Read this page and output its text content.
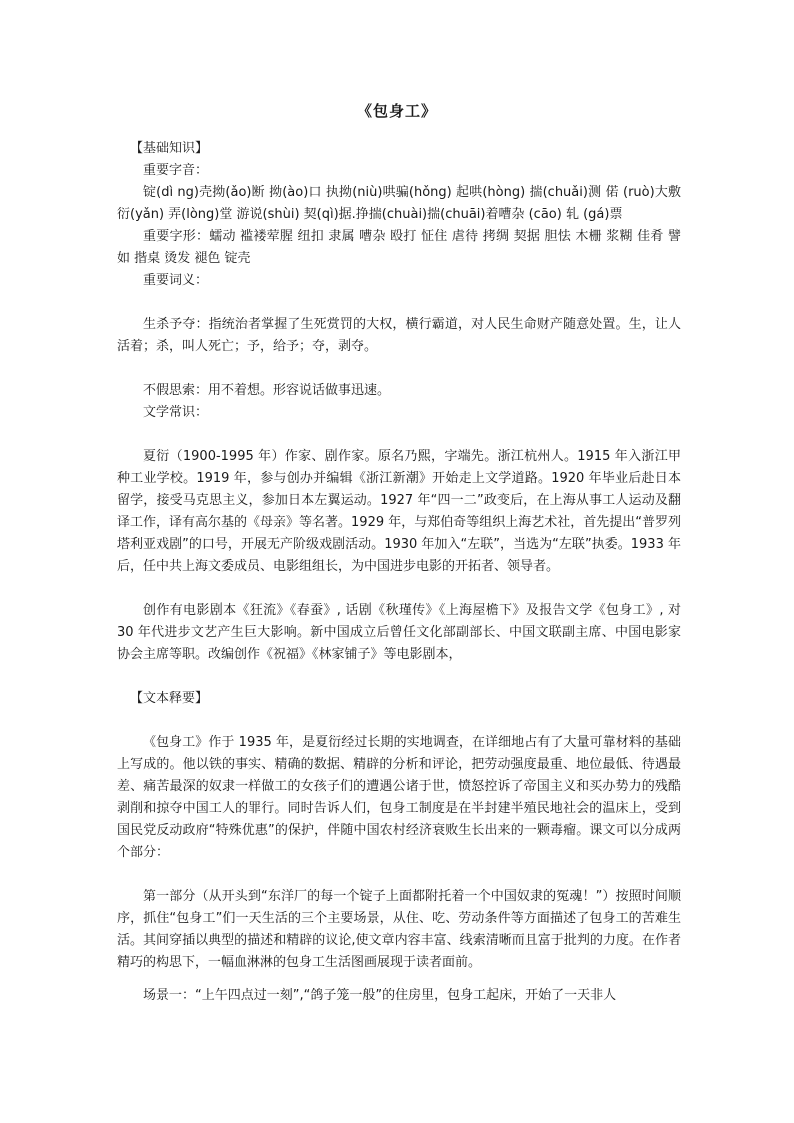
《包身工》

【基础知识】

重要字音：

锭(dì ng)壳拗(ǎo)断 拗(ào)口 执拗(niù)哄骗(hǒng) 起哄(hòng) 揣(chuǎi)测 偌 (ruò)大敷衍(yǎn) 弄(lòng)堂 游说(shùi) 契(qì)据.挣揣(chuài)揣(chuāi)着嘈杂 (cāo) 轧 (gá)票

重要字形：蠕动 褴褛荤腥 纽扣 隶属 嘈杂 殴打 怔住 虐待 拷绸 契据 胆怯 木栅 浆糊 佳肴 譬如 揩桌 烫发 褪色 锭壳

重要词义：

生杀予夺：指统治者掌握了生死赏罚的大权，横行霸道，对人民生命财产随意处置。生，让人活着；杀，叫人死亡；予，给予；夺，剥夺。

不假思索：用不着想。形容说话做事迅速。

文学常识：

夏衍（1900-1995 年）作家、剧作家。原名乃熙，字端先。浙江杭州人。1915 年入浙江甲种工业学校。1919 年，参与创办并编辑《浙江新潮》开始走上文学道路。1920 年毕业后赴日本留学，接受马克思主义，参加日本左翼运动。1927 年“四一二”政变后，在上海从事工人运动及翻译工作，译有高尔基的《母亲》等名著。1929 年，与郑伯奇等组织上海艺术社，首先提出“普罗列塔利亚戏剧”的口号，开展无产阶级戏剧活动。1930 年加入“左联”，当选为“左联”执委。1933 年后，任中共上海文委成员、电影组组长，为中国进步电影的开拓者、领导者。

创作有电影剧本《狂流》《春蚕》, 话剧《秋瑾传》《上海屋檐下》及报告文学《包身工》, 对 30 年代进步文艺产生巨大影响。新中国成立后曾任文化部副部长、中国文联副主席、中国电影家协会主席等职。改编创作《祝福》《林家铺子》等电影剧本，

【文本释要】

《包身工》作于 1935 年，是夏衍经过长期的实地调查，在详细地占有了大量可靠材料的基础上写成的。他以铁的事实、精确的数据、精辟的分析和评论，把劳动强度最重、地位最低、待遇最差、痛苦最深的奴隶一样做工的女孩子们的遭遇公诸于世，愤怒控诉了帝国主义和买办势力的残酷剥削和掠夺中国工人的罪行。同时告诉人们，包身工制度是在半封建半殖民地社会的温床上，受到国民党反动政府“特殊优惠”的保护，伴随中国农村经济衰败生长出来的一颗毒瘤。课文可以分成两个部分：

第一部分（从开头到“东洋厂的每一个锭子上面都附托着一个中国奴隶的冤魂！”）按照时间顺序，抓住“包身工”们一天生活的三个主要场景，从住、吃、劳动条件等方面描述了包身工的苦难生活。其间穿插以典型的描述和精辟的议论,使文章内容丰富、线索清晰而且富于批判的力度。在作者精巧的构思下，一幅血淋淋的包身工生活图画展现于读者面前。

场景一：“上午四点过一刻”,“鸽子笼一般”的住房里，包身工起床，开始了一天非人
